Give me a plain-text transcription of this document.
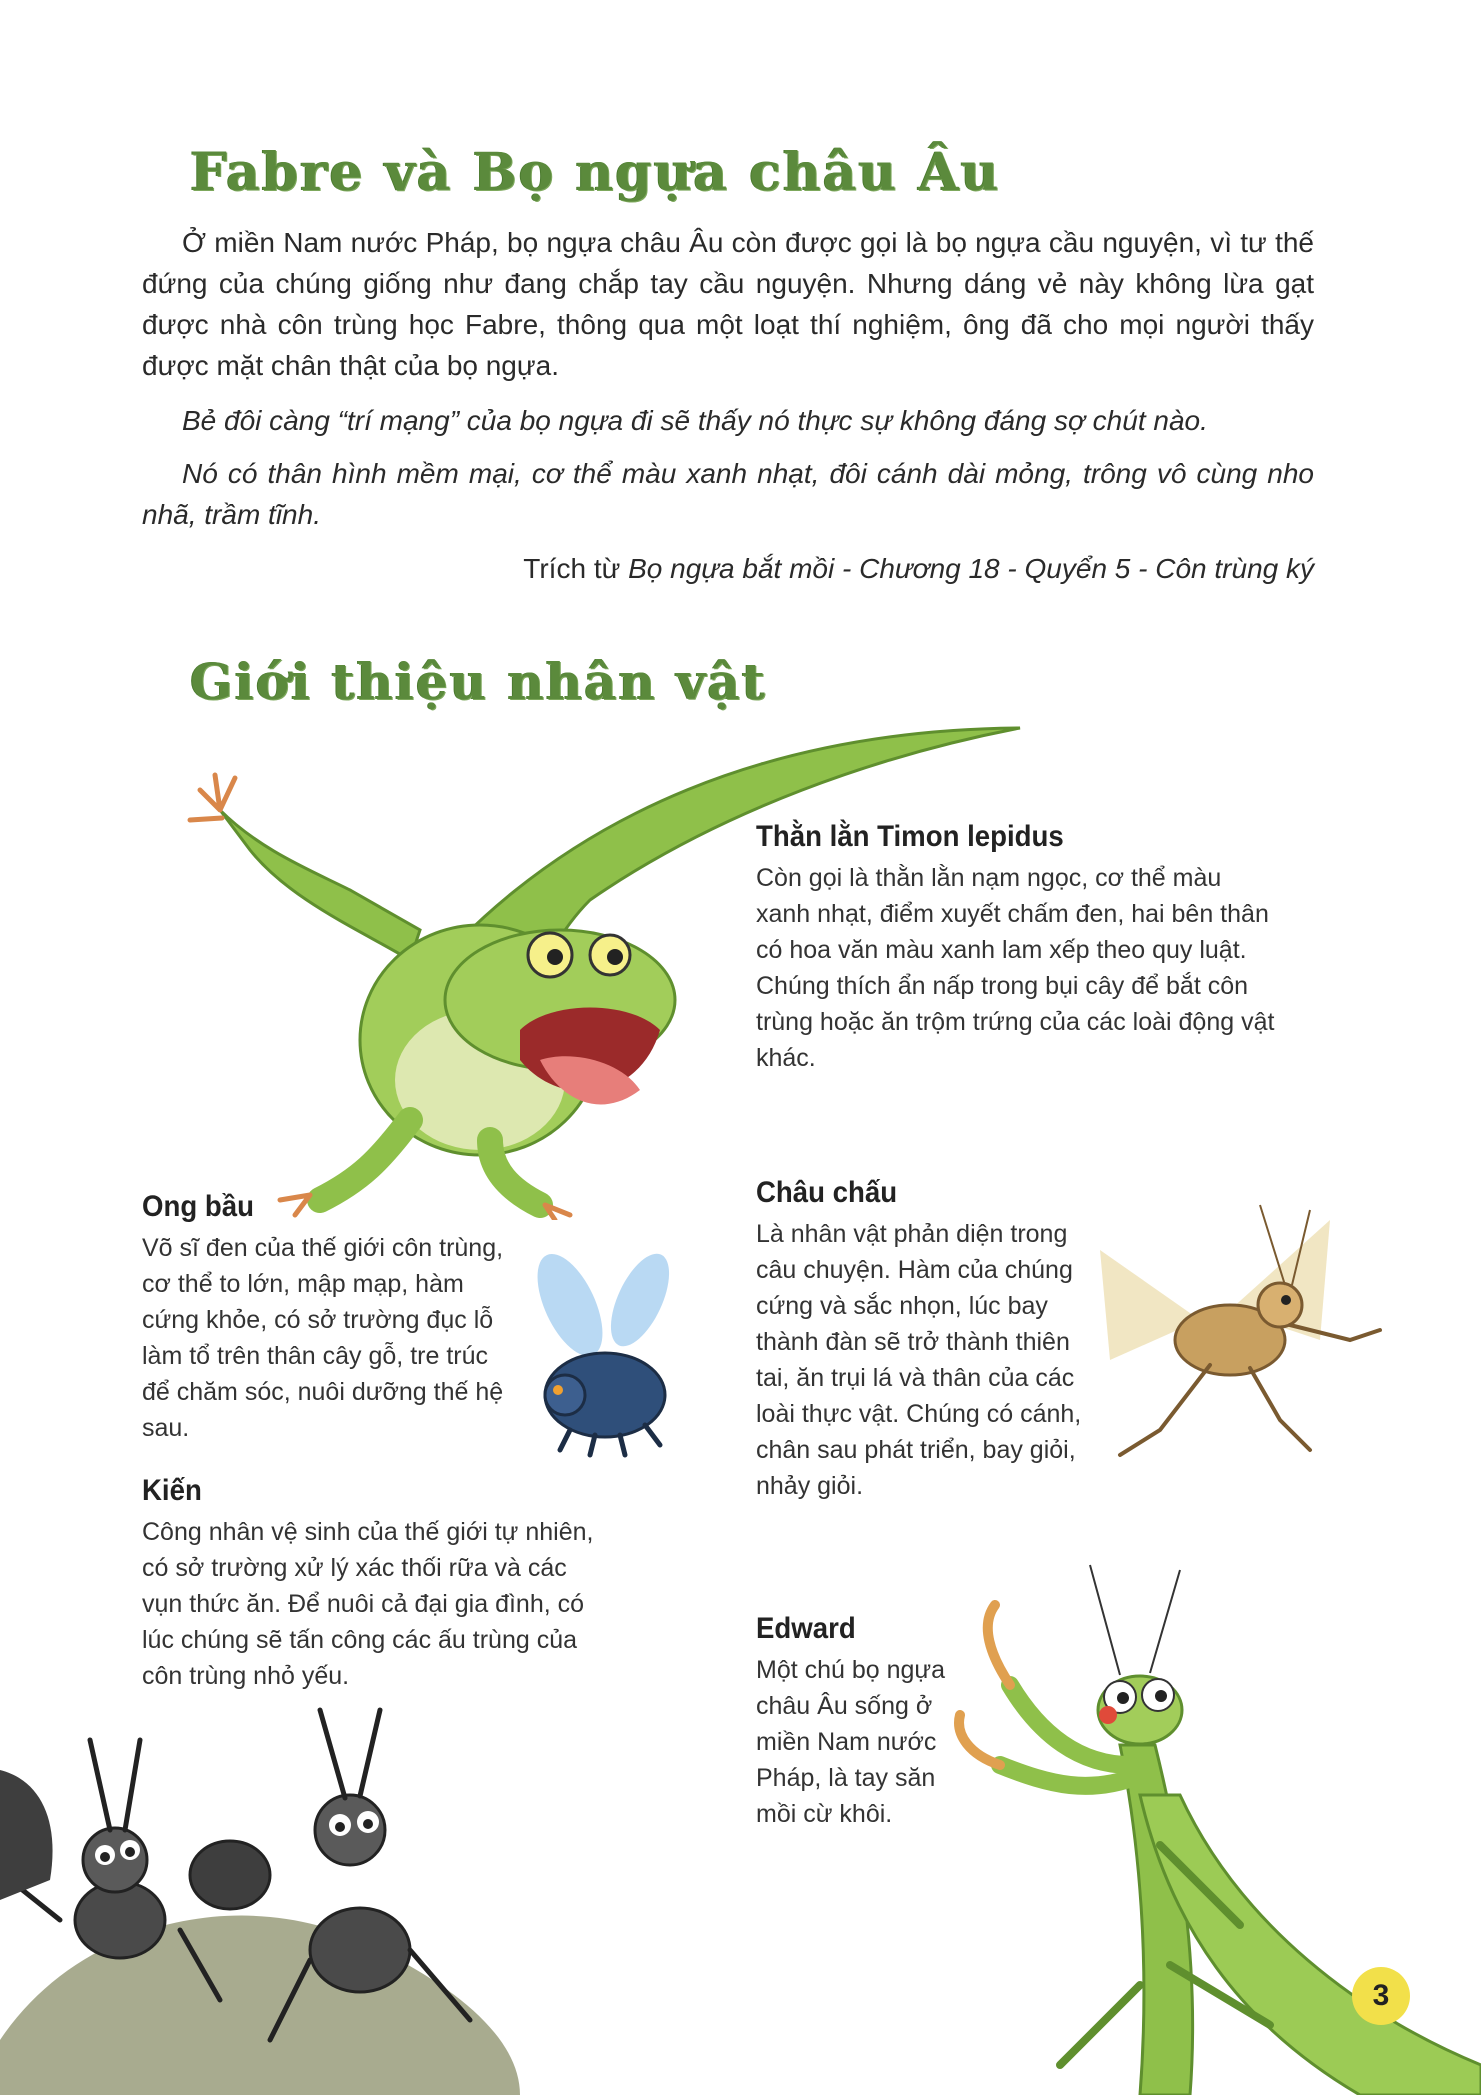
Fabre và Bọ ngựa châu Âu

Ở miền Nam nước Pháp, bọ ngựa châu Âu còn được gọi là bọ ngựa cầu nguyện, vì tư thế đứng của chúng giống như đang chắp tay cầu nguyện. Nhưng dáng vẻ này không lừa gạt được nhà côn trùng học Fabre, thông qua một loạt thí nghiệm, ông đã cho mọi người thấy được mặt chân thật của bọ ngựa.

Bẻ đôi càng “trí mạng” của bọ ngựa đi sẽ thấy nó thực sự không đáng sợ chút nào.

Nó có thân hình mềm mại, cơ thể màu xanh nhạt, đôi cánh dài mỏng, trông vô cùng nho nhã, trầm tĩnh.

Trích từ Bọ ngựa bắt mồi - Chương 18 - Quyển 5 - Côn trùng ký
Giới thiệu nhân vật
Thằn lằn Timon lepidus

Còn gọi là thằn lằn nạm ngọc, cơ thể màu xanh nhạt, điểm xuyết chấm đen, hai bên thân có hoa văn màu xanh lam xếp theo quy luật. Chúng thích ẩn nấp trong bụi cây để bắt côn trùng hoặc ăn trộm trứng của các loài động vật khác.

Ong bầu

Võ sĩ đen của thế giới côn trùng, cơ thể to lớn, mập mạp, hàm cứng khỏe, có sở trường đục lỗ làm tổ trên thân cây gỗ, tre trúc để chăm sóc, nuôi dưỡng thế hệ sau.

Châu chấu

Là nhân vật phản diện trong câu chuyện. Hàm của chúng cứng và sắc nhọn, lúc bay thành đàn sẽ trở thành thiên tai, ăn trụi lá và thân của các loài thực vật. Chúng có cánh, chân sau phát triển, bay giỏi, nhảy giỏi.

Kiến

Công nhân vệ sinh của thế giới tự nhiên, có sở trường xử lý xác thối rữa và các vụn thức ăn. Để nuôi cả đại gia đình, có lúc chúng sẽ tấn công các ấu trùng của côn trùng nhỏ yếu.

Edward

Một chú bọ ngựa châu Âu sống ở miền Nam nước Pháp, là tay săn mồi cừ khôi.

3
